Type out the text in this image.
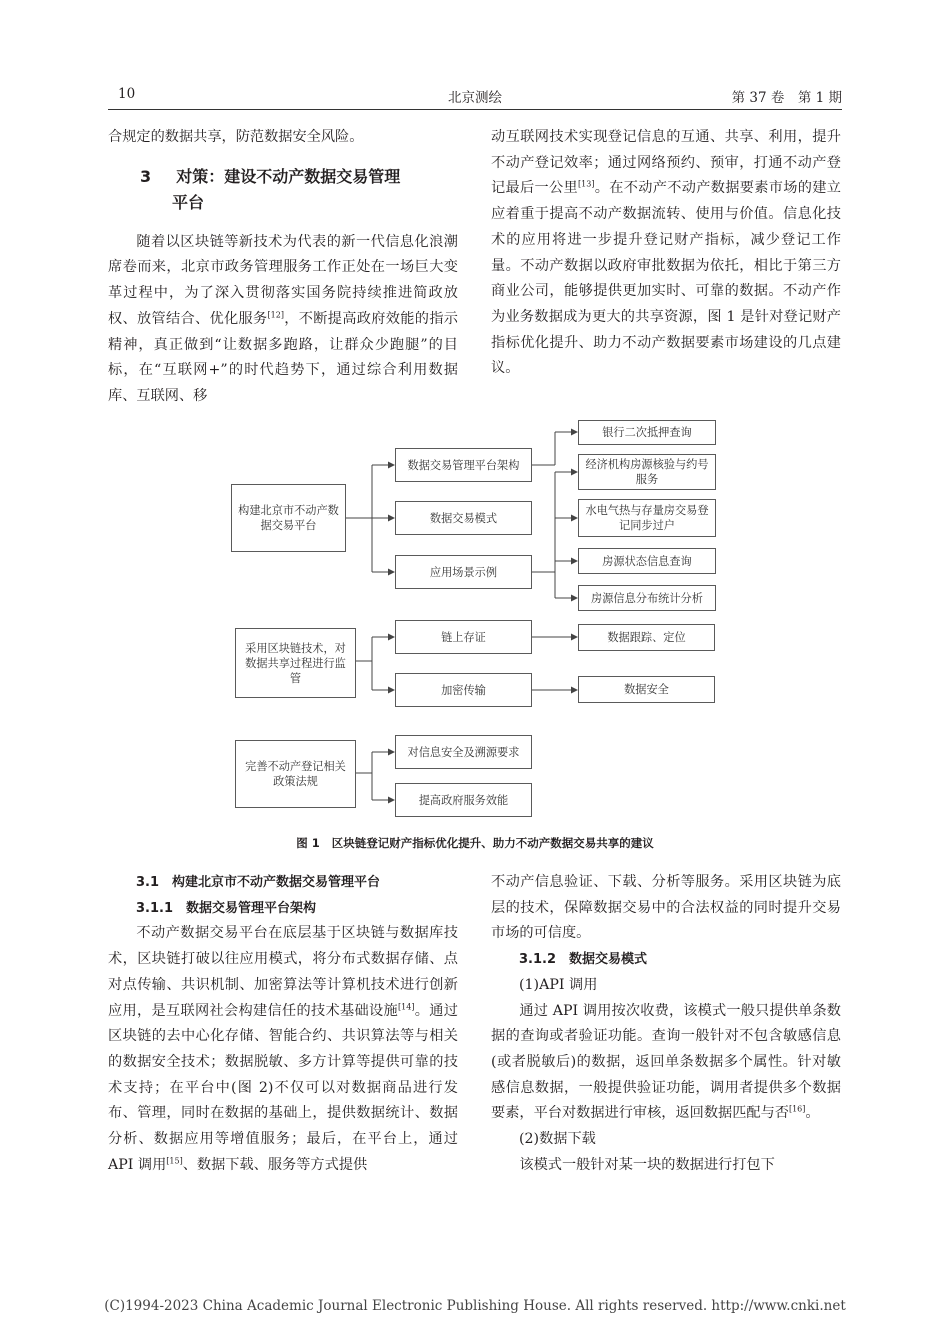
10	北京测绘	第 37 卷　第 1 期

合规定的数据共享，防范数据安全风险。

3 对策：建设不动产数据交易管理
平台

随着以区块链等新技术为代表的新一代信息化浪潮席卷而来，北京市政务管理服务工作正处在一场巨大变革过程中，为了深入贯彻落实国务院持续推进简政放权、放管结合、优化服务[12]，不断提高政府效能的指示精神，真正做到“让数据多跑路，让群众少跑腿”的目标，在“互联网+”的时代趋势下，通过综合利用数据库、互联网、移

动互联网技术实现登记信息的互通、共享、利用，提升不动产登记效率；通过网络预约、预审，打通不动产登记最后一公里[13]。在不动产不动产数据要素市场的建立应着重于提高不动产数据流转、使用与价值。信息化技术的应用将进一步提升登记财产指标，减少登记工作量。不动产数据以政府审批数据为依托，相比于第三方商业公司，能够提供更加实时、可靠的数据。不动产作为业务数据成为更大的共享资源，图 1 是针对登记财产指标优化提升、助力不动产数据要素市场建设的几点建议。

构建北京市不动产数据交易平台
采用区块链技术，对数据共享过程进行监管
完善不动产登记相关政策法规
数据交易管理平台架构
数据交易模式
应用场景示例
链上存证
加密传输
对信息安全及溯源要求
提高政府服务效能
银行二次抵押查询
经济机构房源核验与约号服务
水电气热与存量房交易登记同步过户
房源状态信息查询
房源信息分布统计分析
数据跟踪、定位
数据安全
图 1 区块链登记财产指标优化提升、助力不动产数据交易共享的建议
3.1　 构建北京市不动产数据交易管理平台
3.1.1　 数据交易管理平台架构

不动产数据交易平台在底层基于区块链与数据库技术，区块链打破以往应用模式，将分布式数据存储、点对点传输、共识机制、加密算法等计算机技术进行创新应用，是互联网社会构建信任的技术基础设施[14]。通过区块链的去中心化存储、智能合约、共识算法等与相关的数据安全技术；数据脱敏、多方计算等提供可靠的技术支持；在平台中(图 2)不仅可以对数据商品进行发布、管理，同时在数据的基础上，提供数据统计、数据分析、数据应用等增值服务；最后，在平台上，通过 API 调用[15]、数据下载、服务等方式提供

不动产信息验证、下载、分析等服务。采用区块链为底层的技术，保障数据交易中的合法权益的同时提升交易市场的可信度。

3.1.2　 数据交易模式

(1)API 调用

通过 API 调用按次收费，该模式一般只提供单条数据的查询或者验证功能。查询一般针对不包含敏感信息(或者脱敏后)的数据，返回单条数据多个属性。针对敏感信息数据，一般提供验证功能，调用者提供多个数据要素，平台对数据进行审核，返回数据匹配与否[16]。

(2)数据下载

该模式一般针对某一块的数据进行打包下

(C)1994-2023 China Academic Journal Electronic Publishing House. All rights reserved. http://www.cnki.net
